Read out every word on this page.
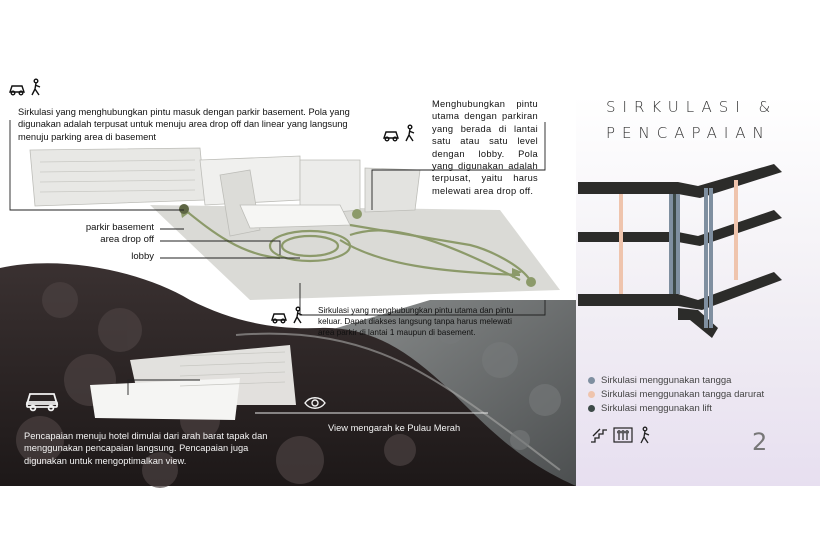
Sirkulasi yang menghubungkan pintu masuk dengan parkir basement. Pola yang digunakan adalah terpusat untuk menuju area drop off dan linear yang langsung menuju parking area di basement
Menghubungkan pintu utama dengan parkiran yang berada di lantai satu atau satu level dengan lobby. Pola yang digunakan adalah terpusat, yaitu harus melewati area drop off.
Sirkulasi yang menghubungkan pintu utama dan pintu keluar. Dapat diakses langsung tanpa harus melewati area parkir di lantai 1 maupun di basement.
Pencapaian menuju hotel dimulai dari arah barat tapak dan menggunakan pencapaian langsung. Pencapaian juga digunakan untuk mengoptimalkan view.
View mengarah ke Pulau Merah
parkir basement
area drop off
lobby
SIRKULASI &
PENCAPAIAN
Sirkulasi menggunakan tangga
Sirkulasi menggunakan tangga darurat
Sirkulasi menggunakan lift
2
